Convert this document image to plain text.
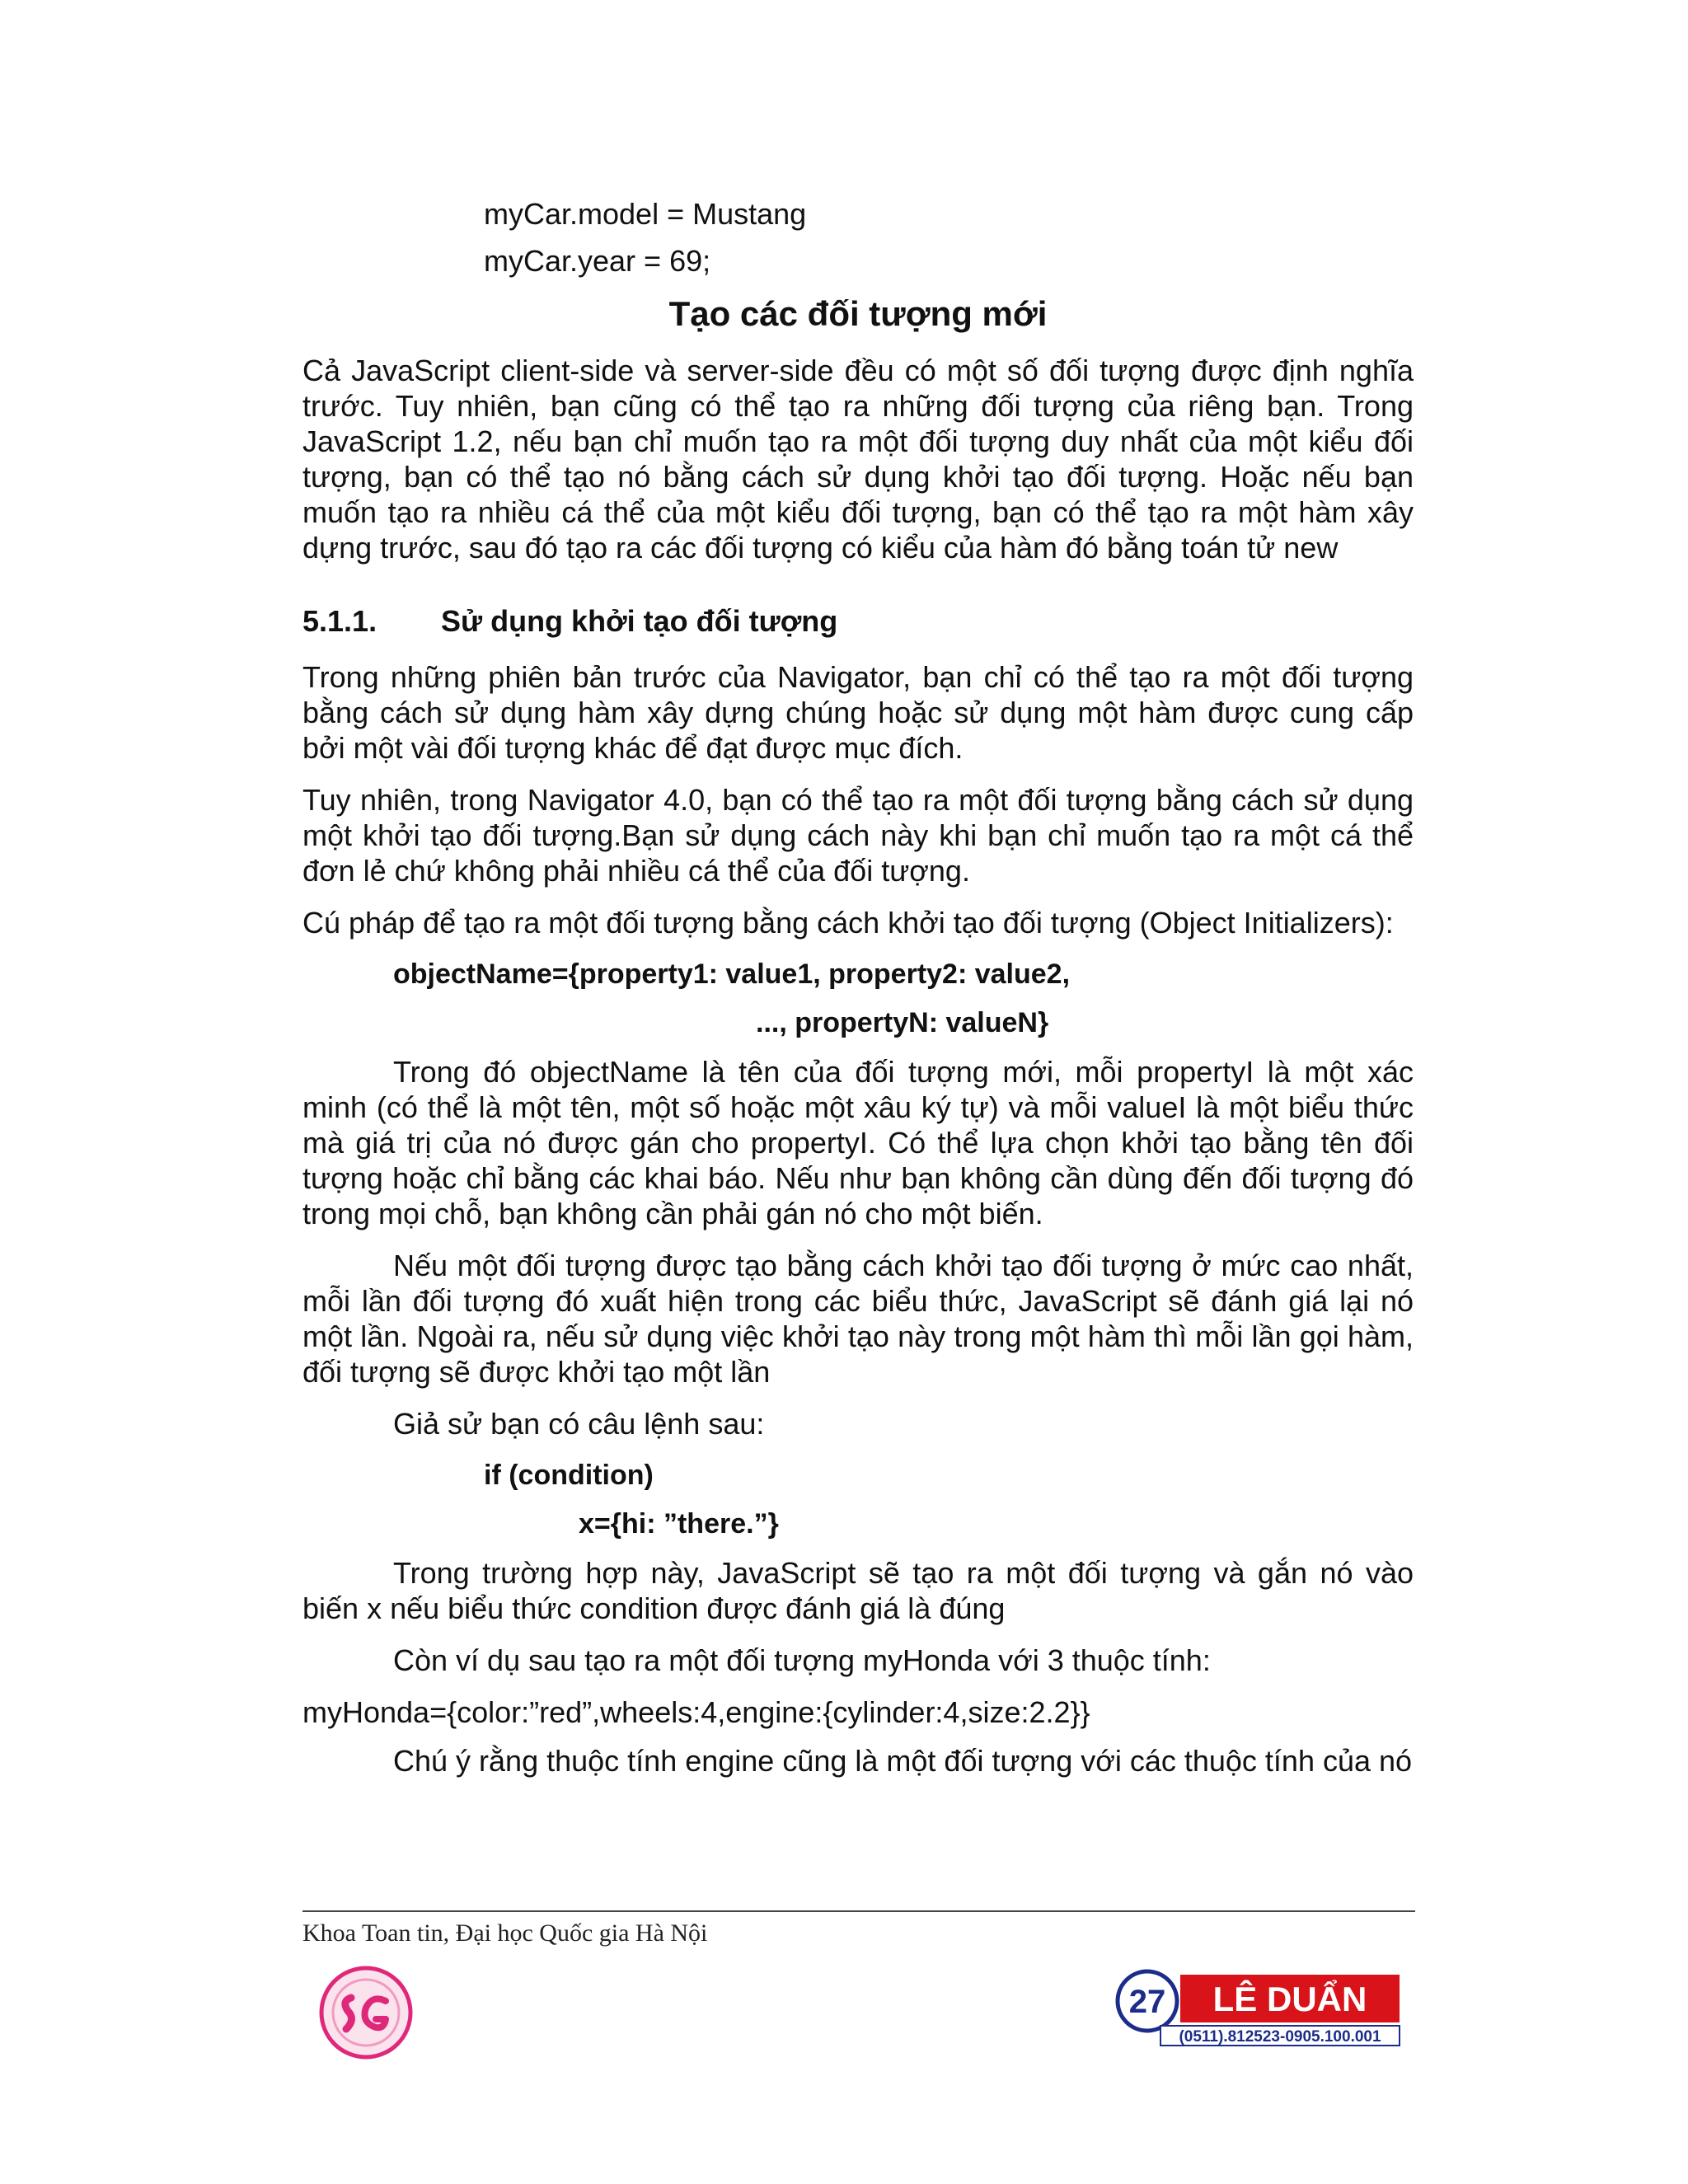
myCar.model = Mustang
myCar.year = 69;
Tạo các đối tượng mới

Cả JavaScript client-side và server-side đều có một số đối tượng được định nghĩa trước. Tuy nhiên, bạn cũng có thể tạo ra những đối tượng của riêng bạn. Trong JavaScript 1.2, nếu bạn chỉ muốn tạo ra một đối tượng duy nhất của một kiểu đối tượng, bạn có thể tạo nó bằng cách sử dụng khởi tạo đối tượng. Hoặc nếu bạn muốn tạo ra nhiều cá thể của một kiểu đối tượng, bạn có thể tạo ra một hàm xây dựng trước, sau đó tạo ra các đối tượng có kiểu của hàm đó bằng toán tử new

5.1.1.	Sử dụng khởi tạo đối tượng

Trong những phiên bản trước của Navigator, bạn chỉ có thể tạo ra một đối tượng bằng cách sử dụng hàm xây dựng chúng hoặc sử dụng một hàm được cung cấp bởi một vài đối tượng khác để đạt được mục đích.

Tuy nhiên, trong Navigator 4.0, bạn có thể tạo ra một đối tượng bằng cách sử dụng một khởi tạo đối tượng.Bạn sử dụng cách này khi bạn chỉ muốn tạo ra một cá thể đơn lẻ chứ không phải nhiều cá thể của đối tượng.

Cú pháp để tạo ra một đối tượng bằng cách khởi tạo đối tượng (Object Initializers):

objectName={property1: value1, property2: value2,
..., propertyN: valueN}

Trong đó objectName là tên của đối tượng mới, mỗi propertyI là một xác minh (có thể là một tên, một số hoặc một xâu ký tự) và mỗi valueI là một biểu thức mà giá trị của nó được gán cho propertyI. Có thể lựa chọn khởi tạo bằng tên đối tượng hoặc chỉ bằng các khai báo. Nếu như bạn không cần dùng đến đối tượng đó trong mọi chỗ, bạn không cần phải gán nó cho một biến.

Nếu một đối tượng được tạo bằng cách khởi tạo đối tượng ở mức cao nhất, mỗi lần đối tượng đó xuất hiện trong các biểu thức, JavaScript sẽ đánh giá lại nó một lần. Ngoài ra, nếu sử dụng việc khởi tạo này trong một hàm thì mỗi lần gọi hàm, đối tượng sẽ được khởi tạo một lần

Giả sử bạn có câu lệnh sau:

if (condition)
x={hi: ”there.”}

Trong trường hợp này, JavaScript sẽ tạo ra một đối tượng và gắn nó vào biến x nếu biểu thức condition được đánh giá là đúng

Còn ví dụ sau tạo ra một đối tượng myHonda với 3 thuộc tính:

myHonda={color:”red”,wheels:4,engine:{cylinder:4,size:2.2}}

Chú ý rằng thuộc tính engine cũng là một đối tượng với các thuộc tính của nó

Khoa Toan tin, Đại học Quốc gia Hà Nội
27 LÊ DUẨN
(0511).812523-0905.100.001
